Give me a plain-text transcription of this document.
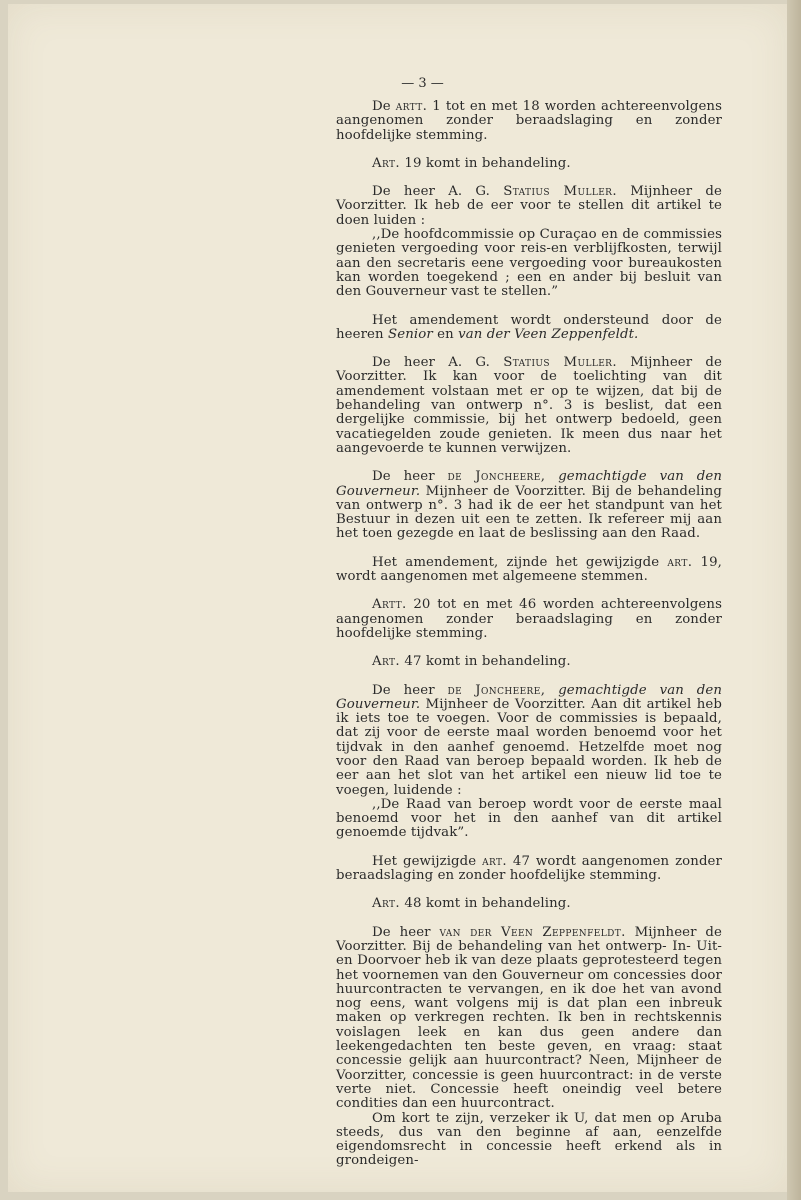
— 3 —

De artt. 1 tot en met 18 worden achtereenvolgens aangenomen zonder beraadslaging en zonder hoofdelijke stemming.

Art. 19 komt in behandeling.

De heer A. G. Statius Muller. Mijnheer de Voorzitter. Ik heb de eer voor te stellen dit artikel te doen luiden :

,,De hoofdcommissie op Curaçao en de commissies genieten vergoeding voor reis-en verblijfkosten, terwijl aan den secretaris eene vergoeding voor bureaukosten kan worden toegekend ; een en ander bij besluit van den Gouverneur vast te stellen.”

Het amendement wordt ondersteund door de heeren Senior en van der Veen Zeppenfeldt.

De heer A. G. Statius Muller. Mijnheer de Voorzitter. Ik kan voor de toelichting van dit amendement volstaan met er op te wijzen, dat bij de behandeling van ontwerp n°. 3 is beslist, dat een dergelijke commissie, bij het ontwerp bedoeld, geen vacatiegelden zoude genieten. Ik meen dus naar het aangevoerde te kunnen verwijzen.

De heer de Joncheere, gemachtigde van den Gouverneur. Mijnheer de Voorzitter. Bij de behandeling van ontwerp n°. 3 had ik de eer het standpunt van het Bestuur in dezen uit een te zetten. Ik refereer mij aan het toen gezegde en laat de beslissing aan den Raad.

Het amendement, zijnde het gewijzigde art. 19, wordt aangenomen met algemeene stemmen.

Artt. 20 tot en met 46 worden achtereenvolgens aangenomen zonder beraadslaging en zonder hoofdelijke stemming.

Art. 47 komt in behandeling.

De heer de Joncheere, gemachtigde van den Gouverneur. Mijnheer de Voorzitter. Aan dit artikel heb ik iets toe te voegen. Voor de commissies is bepaald, dat zij voor de eerste maal worden benoemd voor het tijdvak in den aanhef genoemd. Hetzelfde moet nog voor den Raad van beroep bepaald worden. Ik heb de eer aan het slot van het artikel een nieuw lid toe te voegen, luidende :

,,De Raad van beroep wordt voor de eerste maal benoemd voor het in den aanhef van dit artikel genoemde tijdvak”.

Het gewijzigde art. 47 wordt aangenomen zonder beraadslaging en zonder hoofdelijke stemming.

Art. 48 komt in behandeling.

De heer van der Veen Zeppenfeldt. Mijnheer de Voorzitter. Bij de behandeling van het ontwerp- In- Uit- en Doorvoer heb ik van deze plaats geprotesteerd tegen het voornemen van den Gouverneur om concessies door huurcontracten te vervangen, en ik doe het van avond nog eens, want volgens mij is dat plan een inbreuk maken op verkregen rechten. Ik ben in rechtskennis voislagen leek en kan dus geen andere dan leekengedachten ten beste geven, en vraag: staat concessie gelijk aan huurcontract? Neen, Mijnheer de Voorzitter, concessie is geen huurcontract: in de verste verte niet. Concessie heeft oneindig veel betere condities dan een huurcontract.

Om kort te zijn, verzeker ik U, dat men op Aruba steeds, dus van den beginne af aan, eenzelfde eigendomsrecht in concessie heeft erkend als in grondeigen-
